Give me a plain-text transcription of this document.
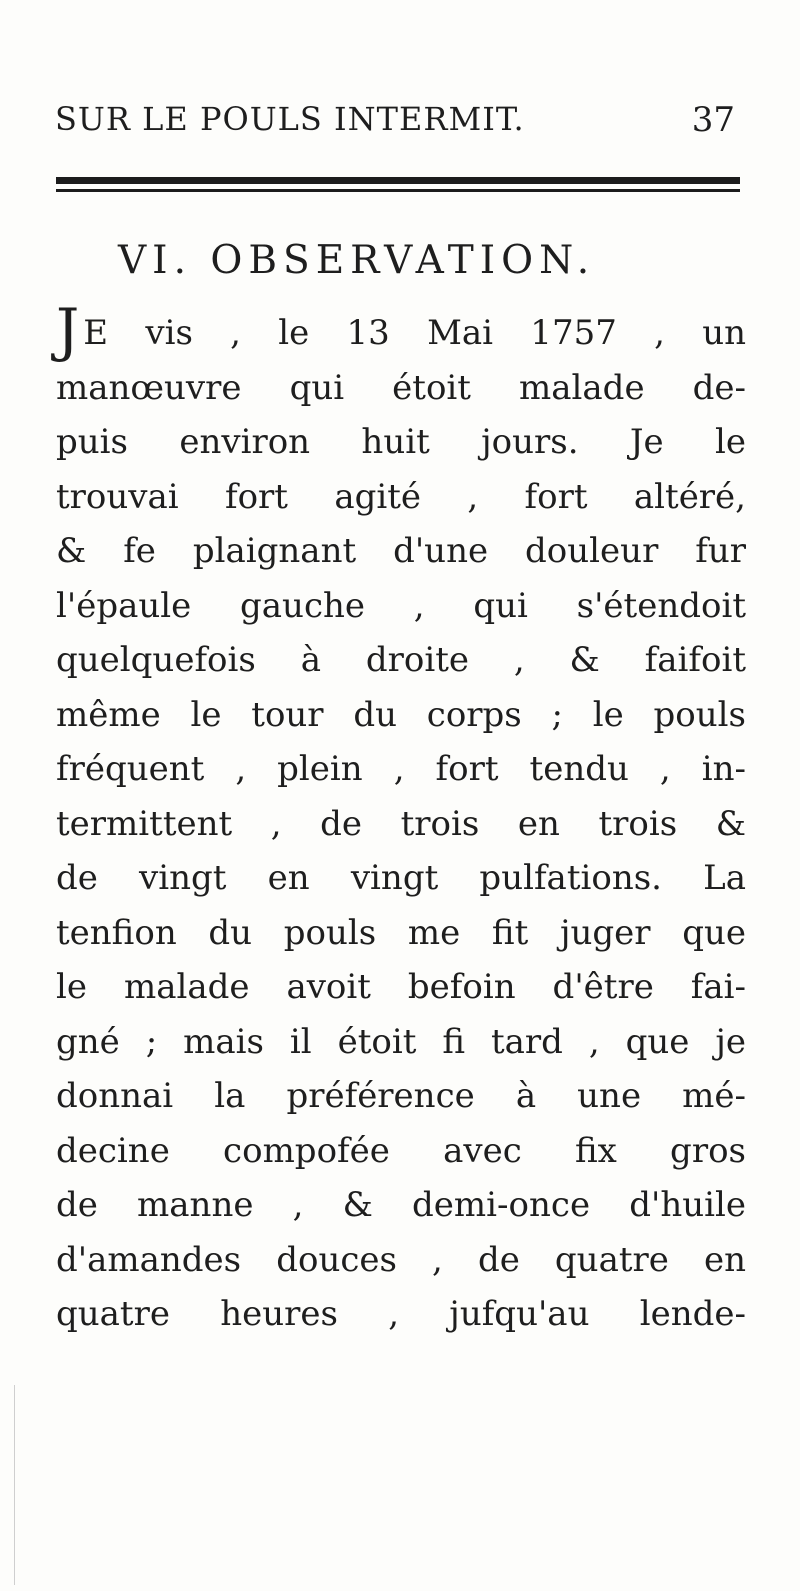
SUR LE POULS INTERMIT.	37
VI. OBSERVATION.
J E vis , le 13 Mai 1757 , un
manœuvre qui étoit malade de-
puis environ huit jours. Je le
trouvai fort agité , fort altéré,
& fe plaignant d'une douleur fur
l'épaule gauche , qui s'étendoit
quelquefois à droite , & faifoit
même le tour du corps ; le pouls
fréquent , plein , fort tendu , in-
termittent , de trois en trois &
de vingt en vingt pulfations. La
tenfion du pouls me fit juger que
le malade avoit befoin d'être fai-
gné ; mais il étoit fi tard , que je
donnai la préférence à une mé-
decine compofée avec fix gros
de manne , & demi-once d'huile
d'amandes douces , de quatre en
quatre heures , jufqu'au lende-
